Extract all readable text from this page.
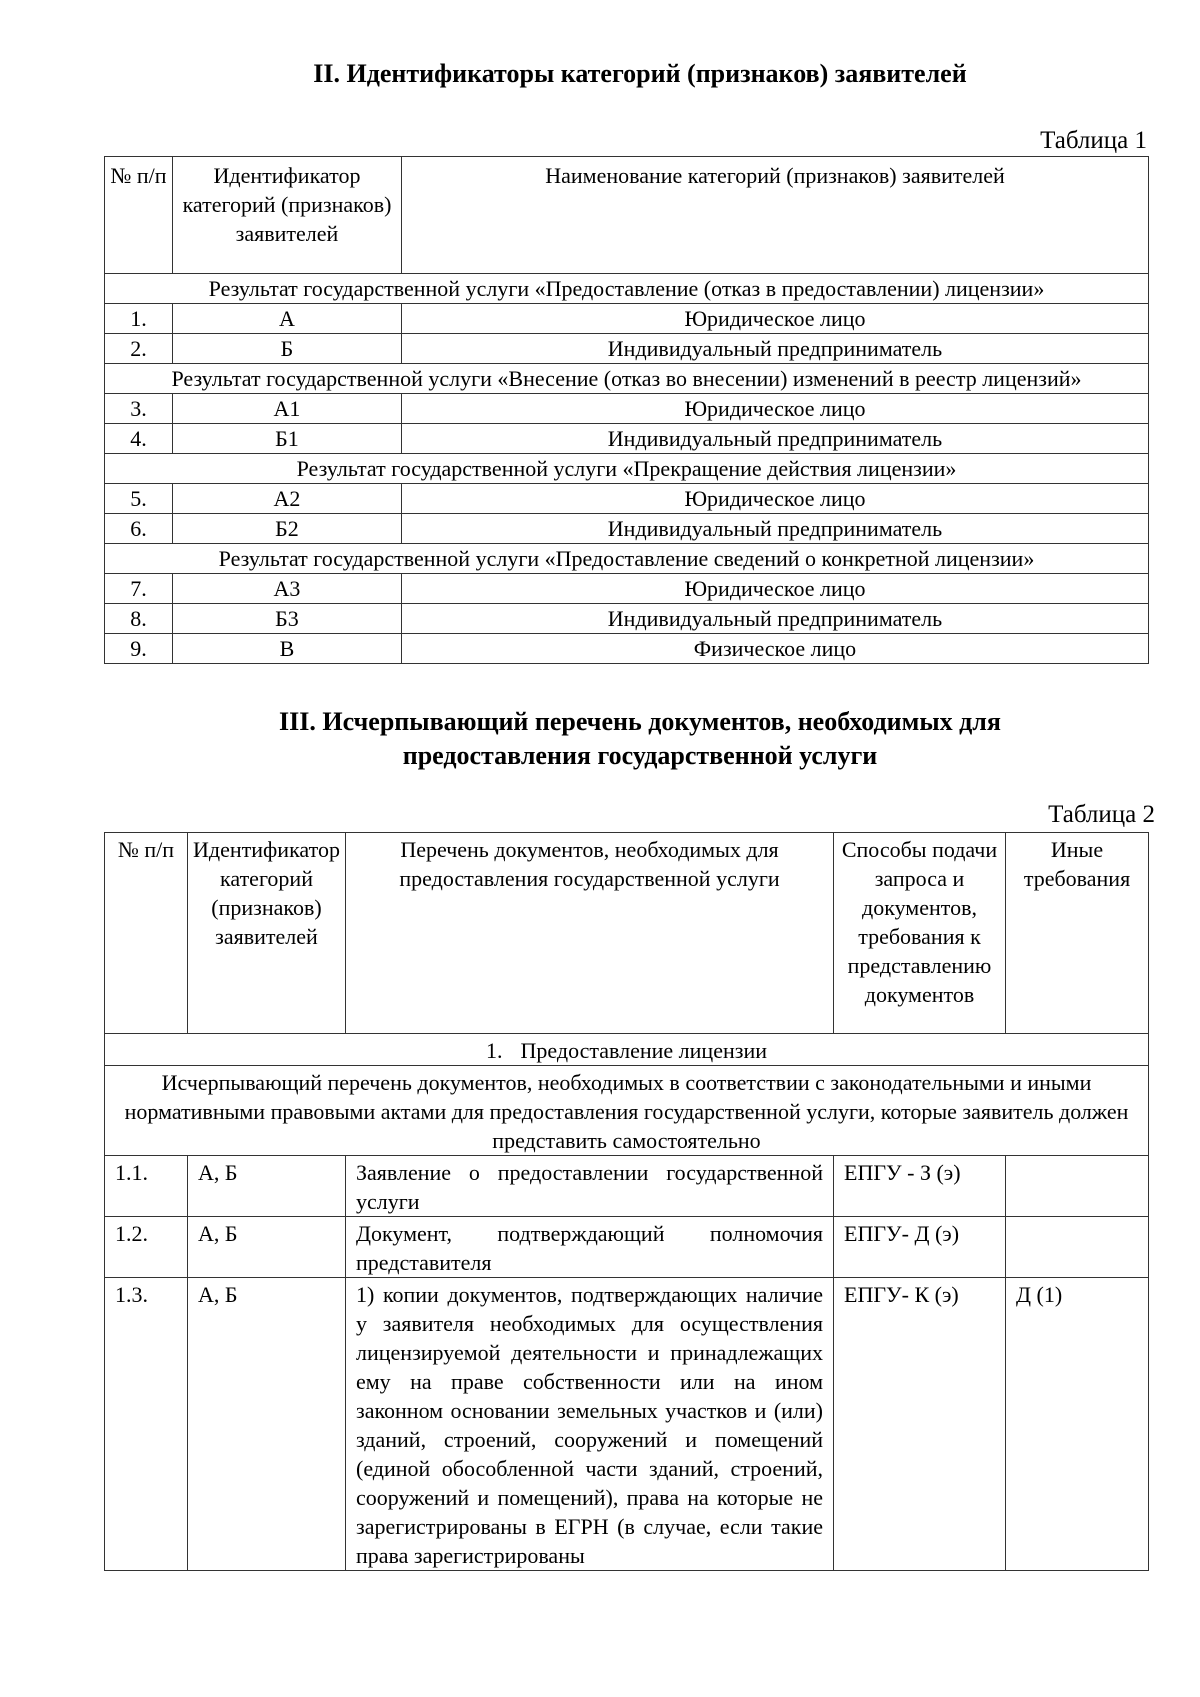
II. Идентификаторы категорий (признаков) заявителей

Таблица 1

№ п/п	Идентификатор категорий (признаков) заявителей	Наименование категорий (признаков) заявителей
Результат государственной услуги «Предоставление (отказ в предоставлении) лицензии»		
1.	А	Юридическое лицо
2.	Б	Индивидуальный предприниматель
Результат государственной услуги «Внесение (отказ во внесении) изменений в реестр лицензий»		
3.	А1	Юридическое лицо
4.	Б1	Индивидуальный предприниматель
Результат государственной услуги «Прекращение действия лицензии»		
5.	А2	Юридическое лицо
6.	Б2	Индивидуальный предприниматель
Результат государственной услуги «Предоставление сведений о конкретной лицензии»		
7.	А3	Юридическое лицо
8.	Б3	Индивидуальный предприниматель
9.	В	Физическое лицо
III. Исчерпывающий перечень документов, необходимых для
предоставления государственной услуги

Таблица 2

№ п/п	Идентификатор категорий (признаков) заявителей	Перечень документов, необходимых для предоставления государственной услуги	Способы подачи запроса и документов, требования к представлению документов	Иные требования
1. Предоставление лицензии				
Исчерпывающий перечень документов, необходимых в соответствии с законодательными и иными нормативными правовыми актами для предоставления государственной услуги, которые заявитель должен представить самостоятельно				
1.1.	А, Б	Заявление о предоставлении государственной услуги	ЕПГУ - З (э)	
1.2.	А, Б	Документ, подтверждающий полномочия представителя	ЕПГУ- Д (э)	
1.3.	А, Б	1) копии документов, подтверждающих наличие у заявителя необходимых для осуществления лицензируемой деятельности и принадлежащих ему на праве собственности или на ином законном основании земельных участков и (или) зданий, строений, сооружений и помещений (единой обособленной части зданий, строений, сооружений и помещений), права на которые не зарегистрированы в ЕГРН (в случае, если такие права зарегистрированы	ЕПГУ- К (э)	Д (1)
